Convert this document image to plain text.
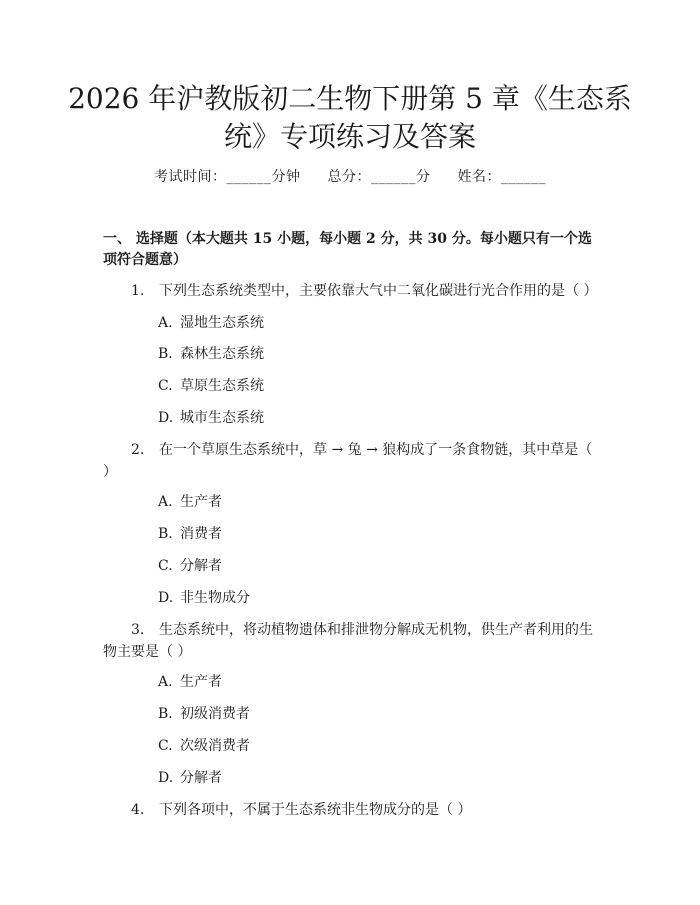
2026 年沪教版初二生物下册第 5 章《生态系
统》专项练习及答案
考试时间：______分钟 总分：______分 姓名：______
一、 选择题（本大题共 15 小题，每小题 2 分，共 30 分。每小题只有一个选项符合题意）
1. 下列生态系统类型中，主要依靠大气中二氧化碳进行光合作用的是（ ）
A. 湿地生态系统
B. 森林生态系统
C. 草原生态系统
D. 城市生态系统
2. 在一个草原生态系统中，草 → 兔 → 狼构成了一条食物链，其中草是（ ）
A. 生产者
B. 消费者
C. 分解者
D. 非生物成分
3. 生态系统中，将动植物遗体和排泄物分解成无机物，供生产者利用的生物主要是（ ）
A. 生产者
B. 初级消费者
C. 次级消费者
D. 分解者
4. 下列各项中，不属于生态系统非生物成分的是（ ）
